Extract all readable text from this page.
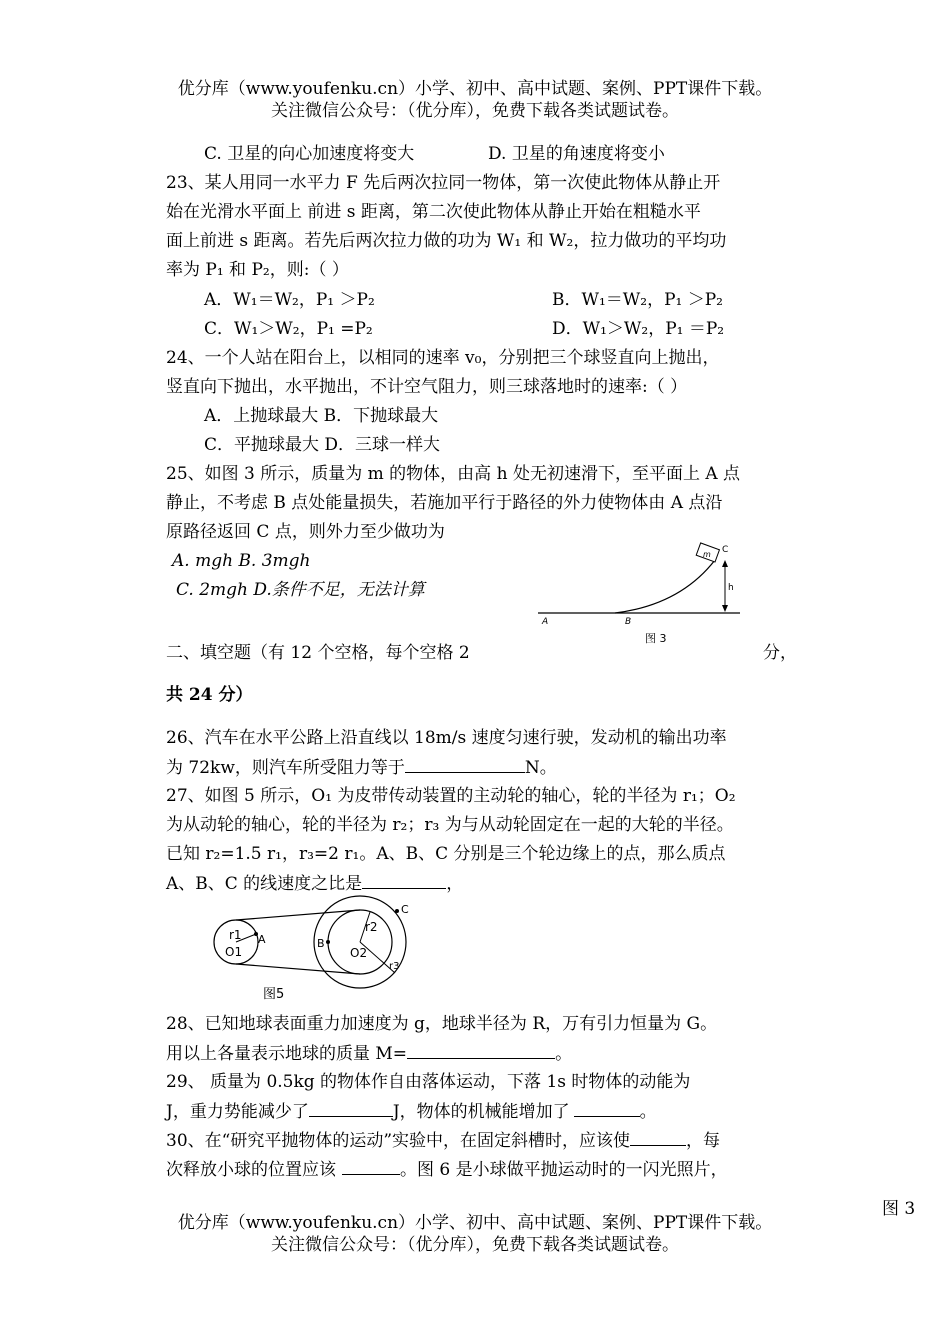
优分库（www.youfenku.cn）小学、初中、高中试题、案例、PPT课件下载。
关注微信公众号：（优分库），免费下载各类试题试卷。
C. 卫星的向心加速度将变大	D. 卫星的角速度将变小
23、某人用同一水平力 F 先后两次拉同一物体，第一次使此物体从静止开
始在光滑水平面上 前进 s 距离，第二次使此物体从静止开始在粗糙水平
面上前进 s 距离。若先后两次拉力做的功为 W₁ 和 W₂，拉力做功的平均功
率为 P₁ 和 P₂，则:（ ）
A．W₁＝W₂，P₁ ＞P₂	B．W₁＝W₂，P₁ ＞P₂
C．W₁＞W₂，P₁ =P₂	D．W₁＞W₂，P₁ ＝P₂
24、一个人站在阳台上，以相同的速率 v₀，分别把三个球竖直向上抛出，
竖直向下抛出，水平抛出，不计空气阻力，则三球落地时的速率:（ ）
A．上抛球最大 B．下抛球最大
C．平抛球最大 D．三球一样大
25、如图 3 所示，质量为 m 的物体，由高 h 处无初速滑下，至平面上 A 点
静止，不考虑 B 点处能量损失，若施加平行于路径的外力使物体由 A 点沿
原路径返回 C 点，则外力至少做功为
A. mgh B. 3mgh
C. 2mgh D.条件不足，无法计算
m C
h
A	B
图 3
二、填空题（有 12 个空格，每个空格 2	分，
共 24 分）
26、汽车在水平公路上沿直线以 18m/s 速度匀速行驶，发动机的输出功率
为 72kw，则汽车所受阻力等于	N。
27、如图 5 所示，O₁ 为皮带传动装置的主动轮的轴心，轮的半径为 r₁；O₂
为从动轮的轴心，轮的半径为 r₂；r₃ 为与从动轮固定在一起的大轮的半径。
已知 r₂=1.5 r₁，r₃=2 r₁。A、B、C 分别是三个轮边缘上的点，那么质点
A、B、C 的线速度之比是	，
r1 A
O1
B
C
r2
O2
r3
图5
28、已知地球表面重力加速度为 g，地球半径为 R，万有引力恒量为 G。
用以上各量表示地球的质量 M=	。
29、 质量为 0.5kg 的物体作自由落体运动，下落 1s 时物体的动能为
J，重力势能减少了	J，物体的机械能增加了	。
30、在“研究平抛物体的运动”实验中，在固定斜槽时，应该使	，每
次释放小球的位置应该	。图 6 是小球做平抛运动时的一闪光照片，
图 3
优分库（www.youfenku.cn）小学、初中、高中试题、案例、PPT课件下载。
关注微信公众号：（优分库），免费下载各类试题试卷。
